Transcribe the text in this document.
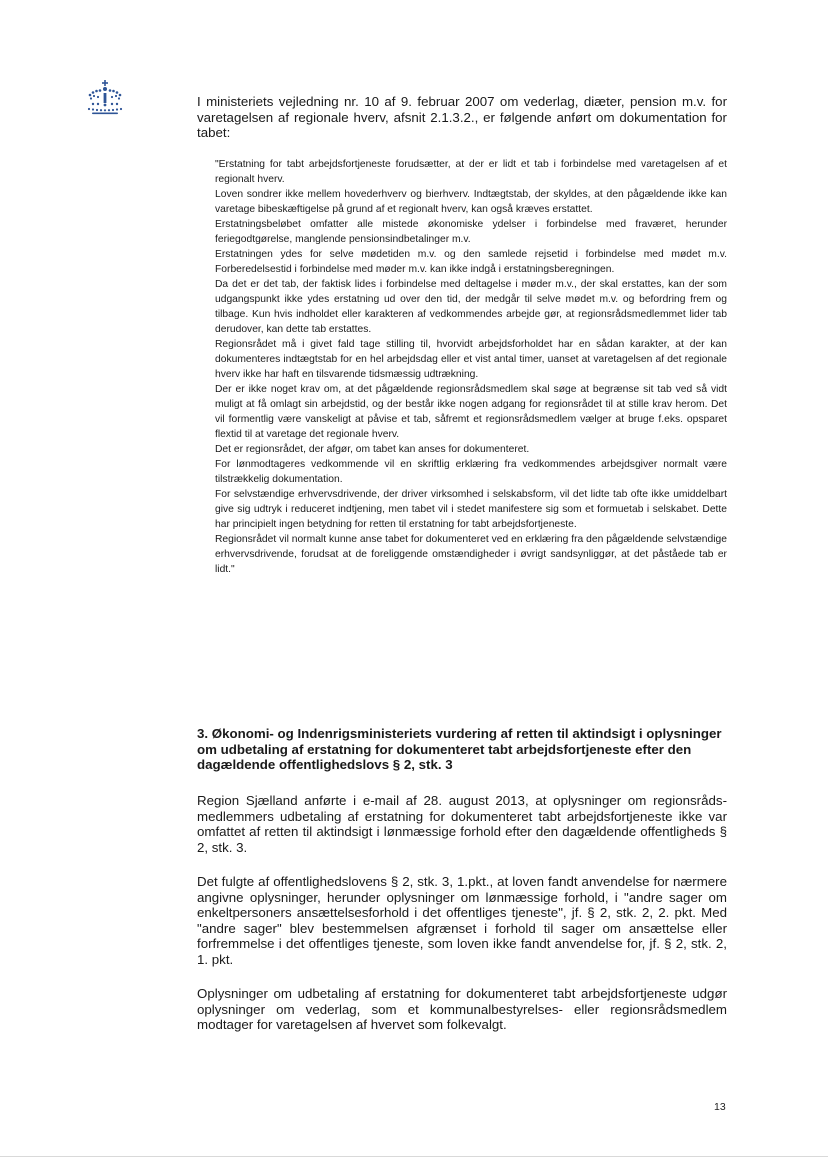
I ministeriets vejledning nr. 10 af 9. februar 2007 om vederlag, diæter, pension m.v. for varetagelsen af regionale hverv, afsnit 2.1.3.2., er følgende anført om dokumentation for tabet:

"Erstatning for tabt arbejdsfortjeneste forudsætter, at der er lidt et tab i forbindelse med varetagelsen af et regionalt hverv.

Loven sondrer ikke mellem hovederhverv og bierhverv. Indtægtstab, der skyldes, at den pågældende ikke kan varetage bibeskæftigelse på grund af et regionalt hverv, kan også kræves erstattet.

Erstatningsbeløbet omfatter alle mistede økonomiske ydelser i forbindelse med fraværet, herunder feriegodtgørelse, manglende pensionsindbetalinger m.v.

Erstatningen ydes for selve mødetiden m.v. og den samlede rejsetid i forbindelse med mødet m.v. Forberedelsestid i forbindelse med møder m.v. kan ikke indgå i erstatningsberegningen.

Da det er det tab, der faktisk lides i forbindelse med deltagelse i møder m.v., der skal erstattes, kan der som udgangspunkt ikke ydes erstatning ud over den tid, der medgår til selve mødet m.v. og befordring frem og tilbage. Kun hvis indholdet eller karakteren af vedkommendes arbejde gør, at regionsrådsmedlemmet lider tab derudover, kan dette tab erstattes.

Regionsrådet må i givet fald tage stilling til, hvorvidt arbejdsforholdet har en sådan karakter, at der kan dokumenteres indtægtstab for en hel arbejdsdag eller et vist antal timer, uanset at varetagelsen af det regionale hverv ikke har haft en tilsvarende tidsmæssig udtrækning.

Der er ikke noget krav om, at det pågældende regionsrådsmedlem skal søge at begrænse sit tab ved så vidt muligt at få omlagt sin arbejdstid, og der består ikke nogen adgang for regionsrådet til at stille krav herom. Det vil formentlig være vanskeligt at påvise et tab, såfremt et regionsrådsmedlem vælger at bruge f.eks. opsparet flextid til at varetage det regionale hverv.

Det er regionsrådet, der afgør, om tabet kan anses for dokumenteret.

For lønmodtageres vedkommende vil en skriftlig erklæring fra vedkommendes arbejdsgiver normalt være tilstrækkelig dokumentation.

For selvstændige erhvervsdrivende, der driver virksomhed i selskabsform, vil det lidte tab ofte ikke umiddelbart give sig udtryk i reduceret indtjening, men tabet vil i stedet manifestere sig som et formuetab i selskabet. Dette har principielt ingen betydning for retten til erstatning for tabt arbejdsfortjeneste.

Regionsrådet vil normalt kunne anse tabet for dokumenteret ved en erklæring fra den pågældende selvstændige erhvervsdrivende, forudsat at de foreliggende omstændigheder i øvrigt sandsynliggør, at det påståede tab er lidt."

3. Økonomi- og Indenrigsministeriets vurdering af retten til aktindsigt i oplysninger om udbetaling af erstatning for dokumenteret tabt arbejdsfortjeneste efter den dagældende offentlighedslovs § 2, stk. 3

Region Sjælland anførte i e-mail af 28. august 2013, at oplysninger om regionsrådsmedlemmers udbetaling af erstatning for dokumenteret tabt arbejdsfortjeneste ikke var omfattet af retten til aktindsigt i lønmæssige forhold efter den dagældende offentligheds § 2, stk. 3.

Det fulgte af offentlighedslovens § 2, stk. 3, 1.pkt., at loven fandt anvendelse for nærmere angivne oplysninger, herunder oplysninger om lønmæssige forhold, i "andre sager om enkeltpersoners ansættelsesforhold i det offentliges tjeneste", jf. § 2, stk. 2, 2. pkt. Med "andre sager" blev bestemmelsen afgrænset i forhold til sager om ansættelse eller forfremmelse i det offentliges tjeneste, som loven ikke fandt anvendelse for, jf. § 2, stk. 2, 1. pkt.

Oplysninger om udbetaling af erstatning for dokumenteret tabt arbejdsfortjeneste udgør oplysninger om vederlag, som et kommunalbestyrelses- eller regionsrådsmedlem modtager for varetagelsen af hvervet som folkevalgt.

13
